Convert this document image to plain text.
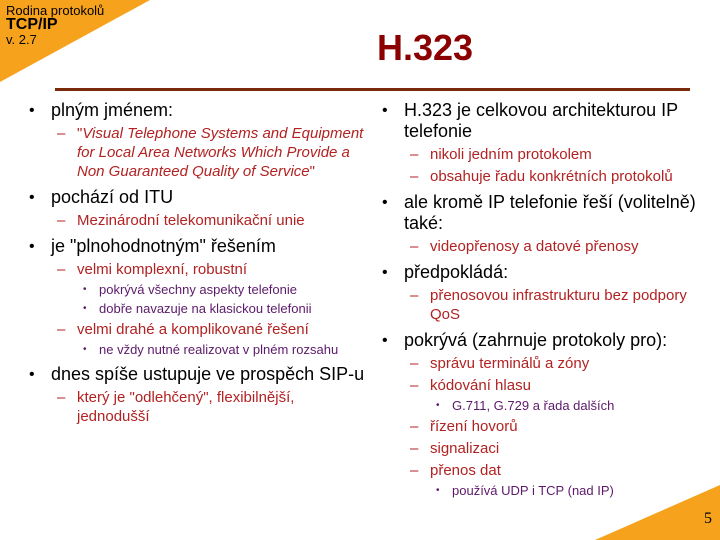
Rodina protokolů
TCP/IP
v. 2.7	H.323
• plným jménem:
– "Visual Telephone Systems and Equipment for Local Area Networks Which Provide a Non Guaranteed Quality of Service"
• pochází od ITU
– Mezinárodní telekomunikační unie
• je "plnohodnotným" řešením
– velmi komplexní, robustní
• pokrývá všechny aspekty telefonie
• dobře navazuje na klasickou telefonii
– velmi drahé a komplikované řešení
• ne vždy nutné realizovat v plném rozsahu
• dnes spíše ustupuje ve prospěch SIP-u
– který je "odlehčený", flexibilnější, jednodušší
• H.323 je celkovou architekturou IP telefonie
– nikoli jedním protokolem
– obsahuje řadu konkrétních protokolů
• ale kromě IP telefonie řeší (volitelně) také:
– videopřenosy a datové přenosy
• předpokládá:
– přenosovou infrastrukturu bez podpory QoS
• pokrývá (zahrnuje protokoly pro):
– správu terminálů a zóny
– kódování hlasu
• G.711, G.729 a řada dalších
– řízení hovorů
– signalizaci
– přenos dat
• používá UDP i TCP (nad IP)
5
